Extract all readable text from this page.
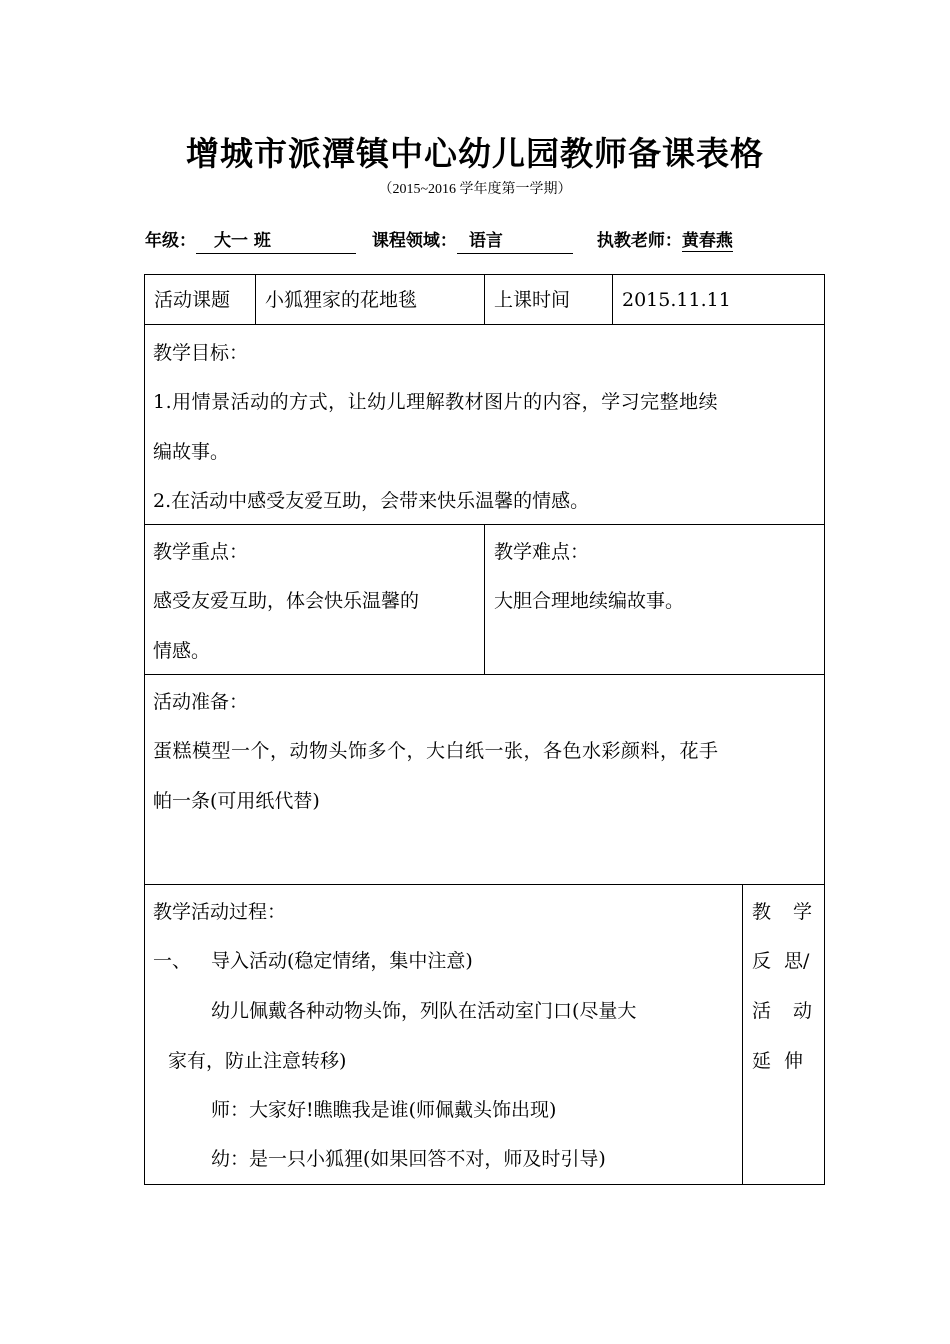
增城市派潭镇中心幼儿园教师备课表格
（2015~2016 学年度第一学期）
年级： 大一 班	课程领域： 语言	执教老师：黄春燕
活动课题	小狐狸家的花地毯	上课时间	2015.11.11
教学目标：
1.用情景活动的方式，让幼儿理解教材图片的内容，学习完整地续
编故事。
2.在活动中感受友爱互助，会带来快乐温馨的情感。
教学重点：
感受友爱互助，体会快乐温馨的
情感。
教学难点：
大胆合理地续编故事。
活动准备：
蛋糕模型一个，动物头饰多个，大白纸一张，各色水彩颜料，花手
帕一条(可用纸代替)
教学活动过程：
一、 导入活动(稳定情绪，集中注意)
幼儿佩戴各种动物头饰，列队在活动室门口(尽量大
家有，防止注意转移)
师：大家好!瞧瞧我是谁(师佩戴头饰出现)
幼：是一只小狐狸(如果回答不对，师及时引导)
教 学
反 思/
活 动
延 伸
